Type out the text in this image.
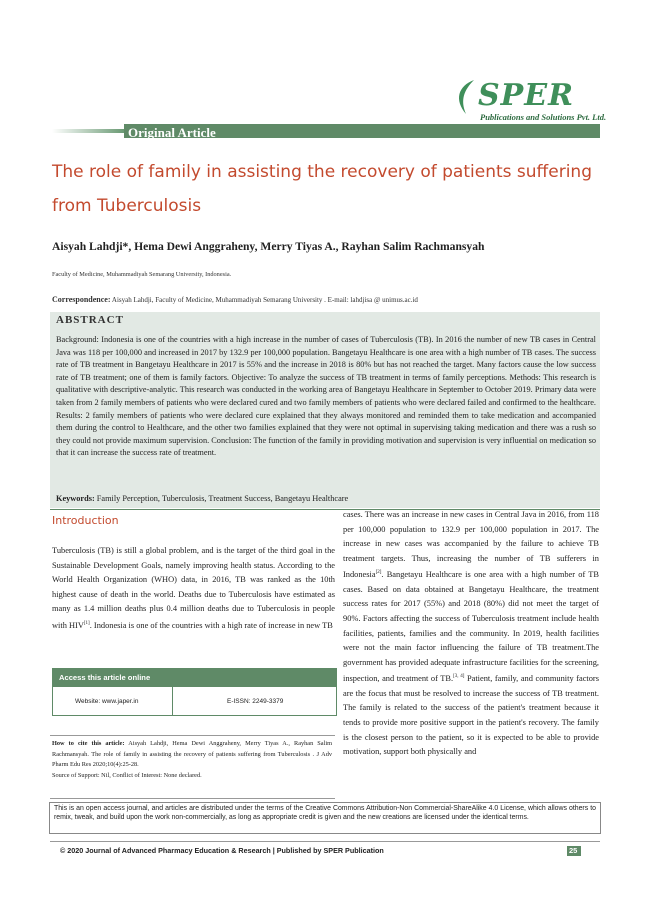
SPER
Publications and Solutions Pvt. Ltd.
Original Article
The role of family in assisting the recovery of patients suffering from Tuberculosis
Aisyah Lahdji*, Hema Dewi Anggraheny, Merry Tiyas A., Rayhan Salim Rachmansyah
Faculty of Medicine, Muhammadiyah Semarang University, Indonesia.
Correspondence: Aisyah Lahdji, Faculty of Medicine, Muhammadiyah Semarang University . E-mail: lahdjisa @ unimus.ac.id
ABSTRACT
Background: Indonesia is one of the countries with a high increase in the number of cases of Tuberculosis (TB). In 2016 the number of new TB cases in Central Java was 118 per 100,000 and increased in 2017 by 132.9 per 100,000 population. Bangetayu Healthcare is one area with a high number of TB cases. The success rate of TB treatment in Bangetayu Healthcare in 2017 is 55% and the increase in 2018 is 80% but has not reached the target. Many factors cause the low success rate of TB treatment; one of them is family factors. Objective: To analyze the success of TB treatment in terms of family perceptions. Methods: This research is qualitative with descriptive-analytic. This research was conducted in the working area of Bangetayu Healthcare in September to October 2019. Primary data were taken from 2 family members of patients who were declared cured and two family members of patients who were declared failed and confirmed to the healthcare. Results: 2 family members of patients who were declared cure explained that they always monitored and reminded them to take medication and accompanied them during the control to Healthcare, and the other two families explained that they were not optimal in supervising taking medication and there was a rush so they could not provide maximum supervision. Conclusion: The function of the family in providing motivation and supervision is very influential on medication so that it can increase the success rate of treatment.
Keywords: Family Perception, Tuberculosis, Treatment Success, Bangetayu Healthcare
Introduction
Tuberculosis (TB) is still a global problem, and is the target of the third goal in the Sustainable Development Goals, namely improving health status. According to the World Health Organization (WHO) data, in 2016, TB was ranked as the 10th highest cause of death in the world. Deaths due to Tuberculosis have estimated as many as 1.4 million deaths plus 0.4 million deaths due to Tuberculosis in people with HIV[1]. Indonesia is one of the countries with a high rate of increase in new TB
cases. There was an increase in new cases in Central Java in 2016, from 118 per 100,000 population to 132.9 per 100,000 population in 2017. The increase in new cases was accompanied by the failure to achieve TB treatment targets. Thus, increasing the number of TB sufferers in Indonesia[2]. Bangetayu Healthcare is one area with a high number of TB cases. Based on data obtained at Bangetayu Healthcare, the treatment success rates for 2017 (55%) and 2018 (80%) did not meet the target of 90%. Factors affecting the success of Tuberculosis treatment include health facilities, patients, families and the community. In 2019, health facilities were not the main factor influencing the failure of TB treatment.The government has provided adequate infrastructure facilities for the screening, inspection, and treatment of TB.[3, 4] Patient, family, and community factors are the focus that must be resolved to increase the success of TB treatment. The family is related to the success of the patient's treatment because it tends to provide more positive support in the patient's recovery. The family is the closest person to the patient, so it is expected to be able to provide motivation, support both physically and
Access this article online
Website: www.japer.in	E-ISSN: 2249-3379
How to cite this article: Aisyah Lahdji, Hema Dewi Anggraheny, Merry Tiyas A., Rayhan Salim Rachmansyah. The role of family in assisting the recovery of patients suffering from Tuberculosis . J Adv Pharm Edu Res 2020;10(4):25-28.
Source of Support: Nil, Conflict of Interest: None declared.
This is an open access journal, and articles are distributed under the terms of the Creative Commons Attribution-Non Commercial-ShareAlike 4.0 License, which allows others to remix, tweak, and build upon the work non-commercially, as long as appropriate credit is given and the new creations are licensed under the identical terms.
© 2020 Journal of Advanced Pharmacy Education & Research | Published by SPER Publication	25
